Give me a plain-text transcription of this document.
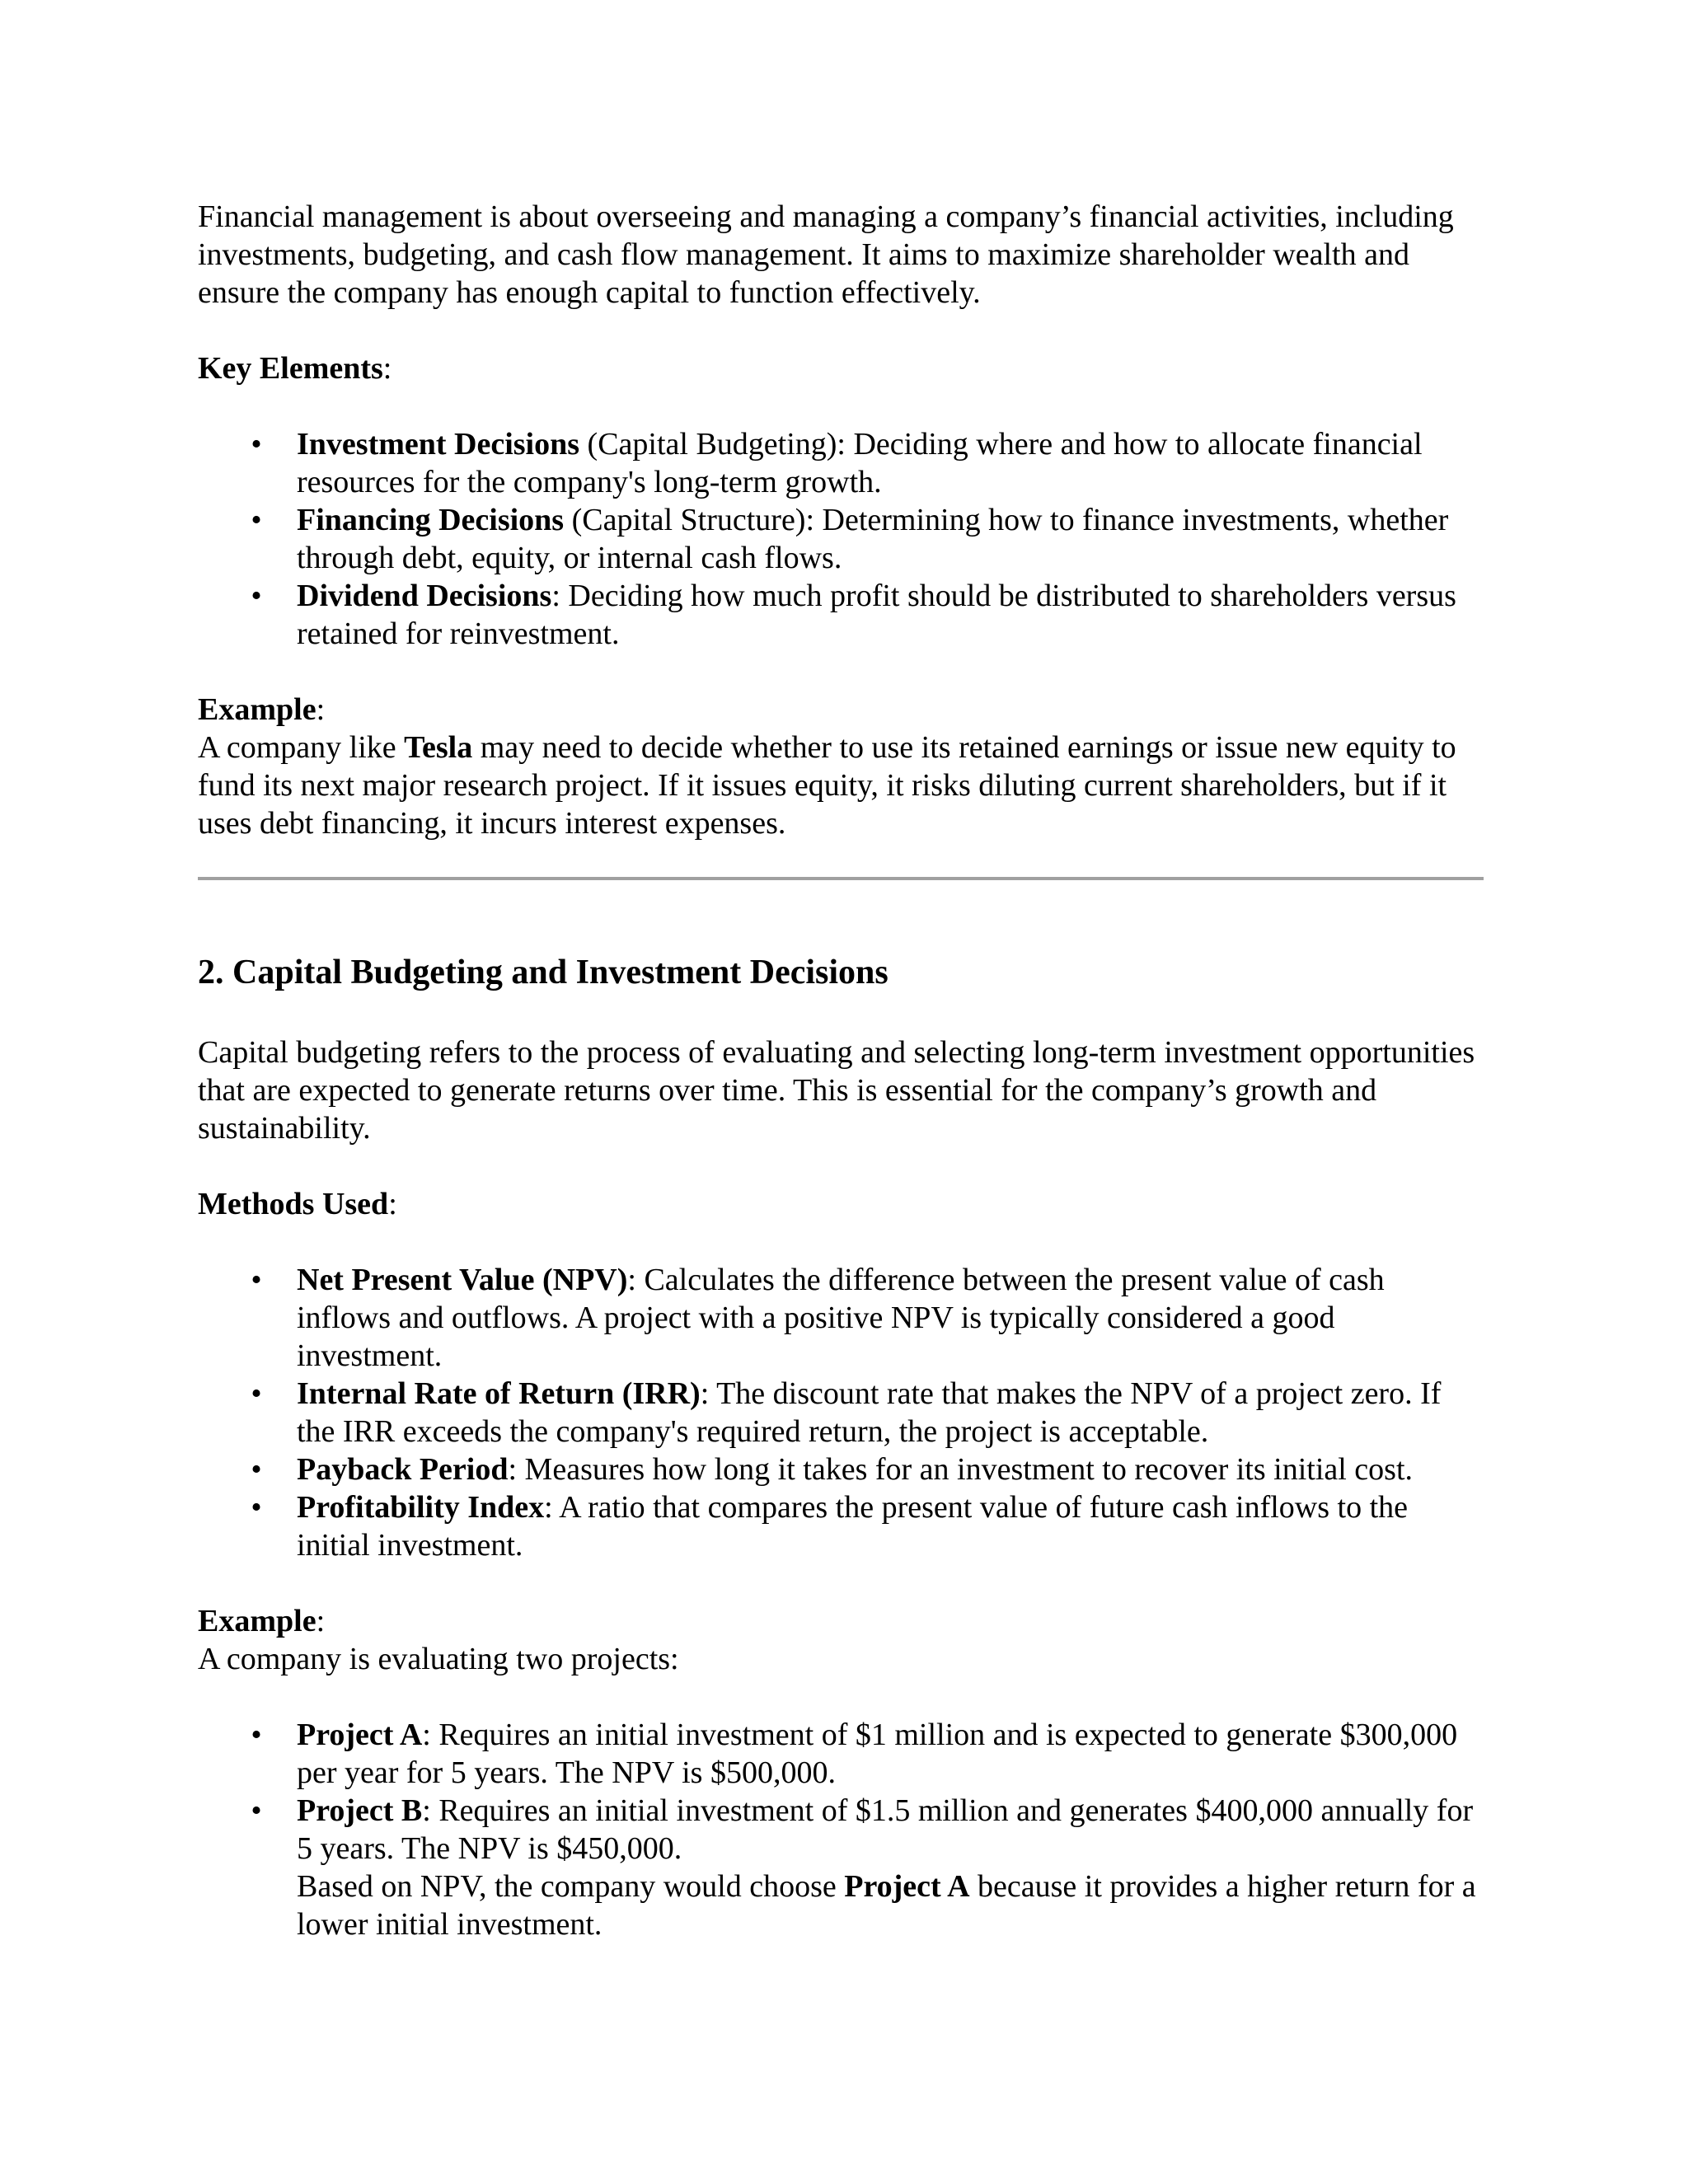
Financial management is about overseeing and managing a company’s financial activities, including investments, budgeting, and cash flow management. It aims to maximize shareholder wealth and ensure the company has enough capital to function effectively.

Key Elements:

• Investment Decisions (Capital Budgeting): Deciding where and how to allocate financial resources for the company's long-term growth.
• Financing Decisions (Capital Structure): Determining how to finance investments, whether through debt, equity, or internal cash flows.
• Dividend Decisions: Deciding how much profit should be distributed to shareholders versus retained for reinvestment.

Example:

A company like Tesla may need to decide whether to use its retained earnings or issue new equity to fund its next major research project. If it issues equity, it risks diluting current shareholders, but if it uses debt financing, it incurs interest expenses.

2. Capital Budgeting and Investment Decisions

Capital budgeting refers to the process of evaluating and selecting long-term investment opportunities that are expected to generate returns over time. This is essential for the company’s growth and sustainability.

Methods Used:

• Net Present Value (NPV): Calculates the difference between the present value of cash inflows and outflows. A project with a positive NPV is typically considered a good investment.
• Internal Rate of Return (IRR): The discount rate that makes the NPV of a project zero. If the IRR exceeds the company's required return, the project is acceptable.
• Payback Period: Measures how long it takes for an investment to recover its initial cost.
• Profitability Index: A ratio that compares the present value of future cash inflows to the initial investment.

Example:

A company is evaluating two projects:

• Project A: Requires an initial investment of $1 million and is expected to generate $300,000 per year for 5 years. The NPV is $500,000.
• Project B: Requires an initial investment of $1.5 million and generates $400,000 annually for 5 years. The NPV is $450,000.
Based on NPV, the company would choose Project A because it provides a higher return for a lower initial investment.
